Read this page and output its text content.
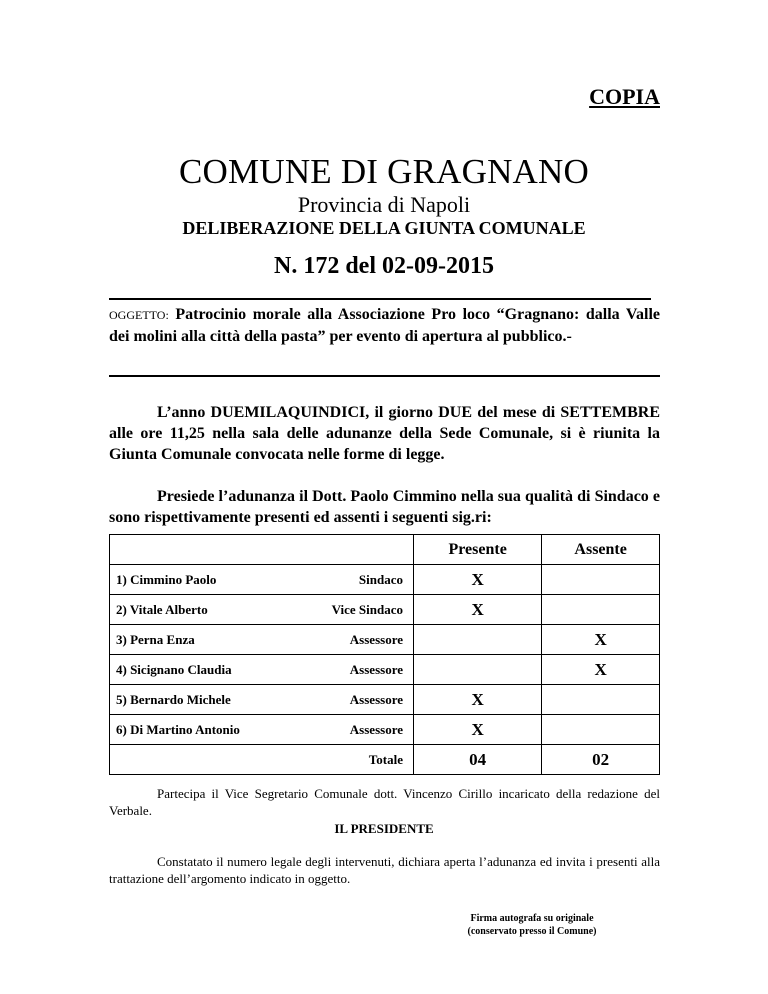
COPIA
COMUNE DI GRAGNANO
Provincia di Napoli
DELIBERAZIONE DELLA GIUNTA COMUNALE
N. 172 del 02-09-2015
OGGETTO: Patrocinio morale alla Associazione Pro loco “Gragnano: dalla Valle dei molini alla città della pasta” per evento di apertura al pubblico.-
L’anno DUEMILAQUINDICI, il giorno DUE del mese di SETTEMBRE alle ore 11,25 nella sala delle adunanze della Sede Comunale, si è riunita la Giunta Comunale convocata nelle forme di legge.
Presiede l’adunanza il Dott. Paolo Cimmino nella sua qualità di Sindaco e sono rispettivamente presenti ed assenti i seguenti sig.ri:
		Presente	Assente
1) Cimmino Paolo	Sindaco	X	
2) Vitale Alberto	Vice Sindaco	X	
3) Perna Enza	Assessore		X
4) Sicignano Claudia	Assessore		X
5) Bernardo Michele	Assessore	X	
6) Di Martino Antonio	Assessore	X	
	Totale	04	02
Partecipa il Vice Segretario Comunale dott. Vincenzo Cirillo incaricato della redazione del Verbale.
IL PRESIDENTE
Constatato il numero legale degli intervenuti, dichiara aperta l’adunanza ed invita i presenti alla trattazione dell’argomento indicato in oggetto.
Firma autografa su originale
(conservato presso il Comune)
